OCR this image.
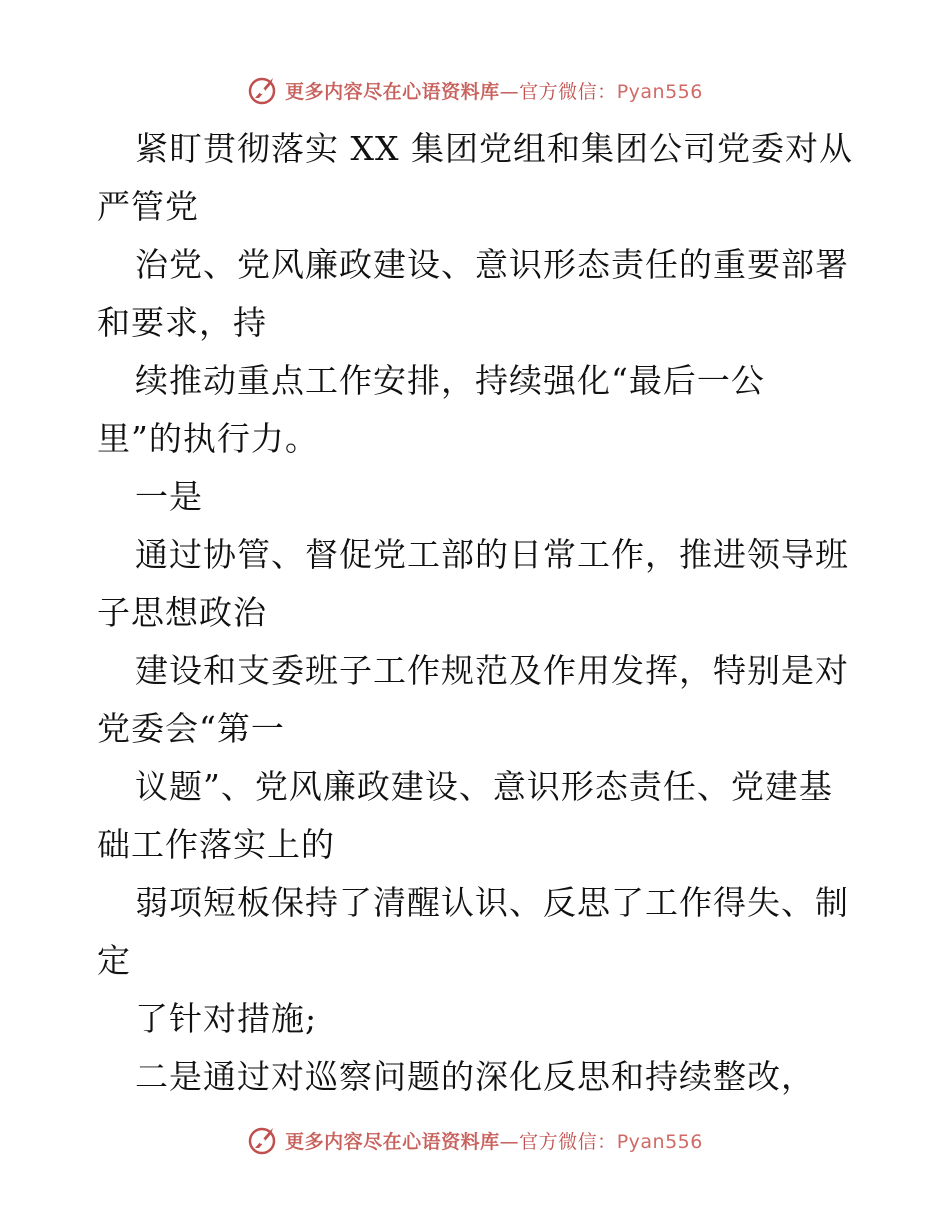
更多内容尽在心语资料库—官方微信：Pyan556
紧盯贯彻落实 XX 集团党组和集团公司党委对从
严管党
治党、党风廉政建设、意识形态责任的重要部署
和要求，持
续推动重点工作安排，持续强化“最后一公
里”的执行力。
一是
通过协管、督促党工部的日常工作，推进领导班
子思想政治
建设和支委班子工作规范及作用发挥，特别是对
党委会“第一
议题”、党风廉政建设、意识形态责任、党建基
础工作落实上的
弱项短板保持了清醒认识、反思了工作得失、制
定
了针对措施;
二是通过对巡察问题的深化反思和持续整改，
更多内容尽在心语资料库—官方微信：Pyan556
